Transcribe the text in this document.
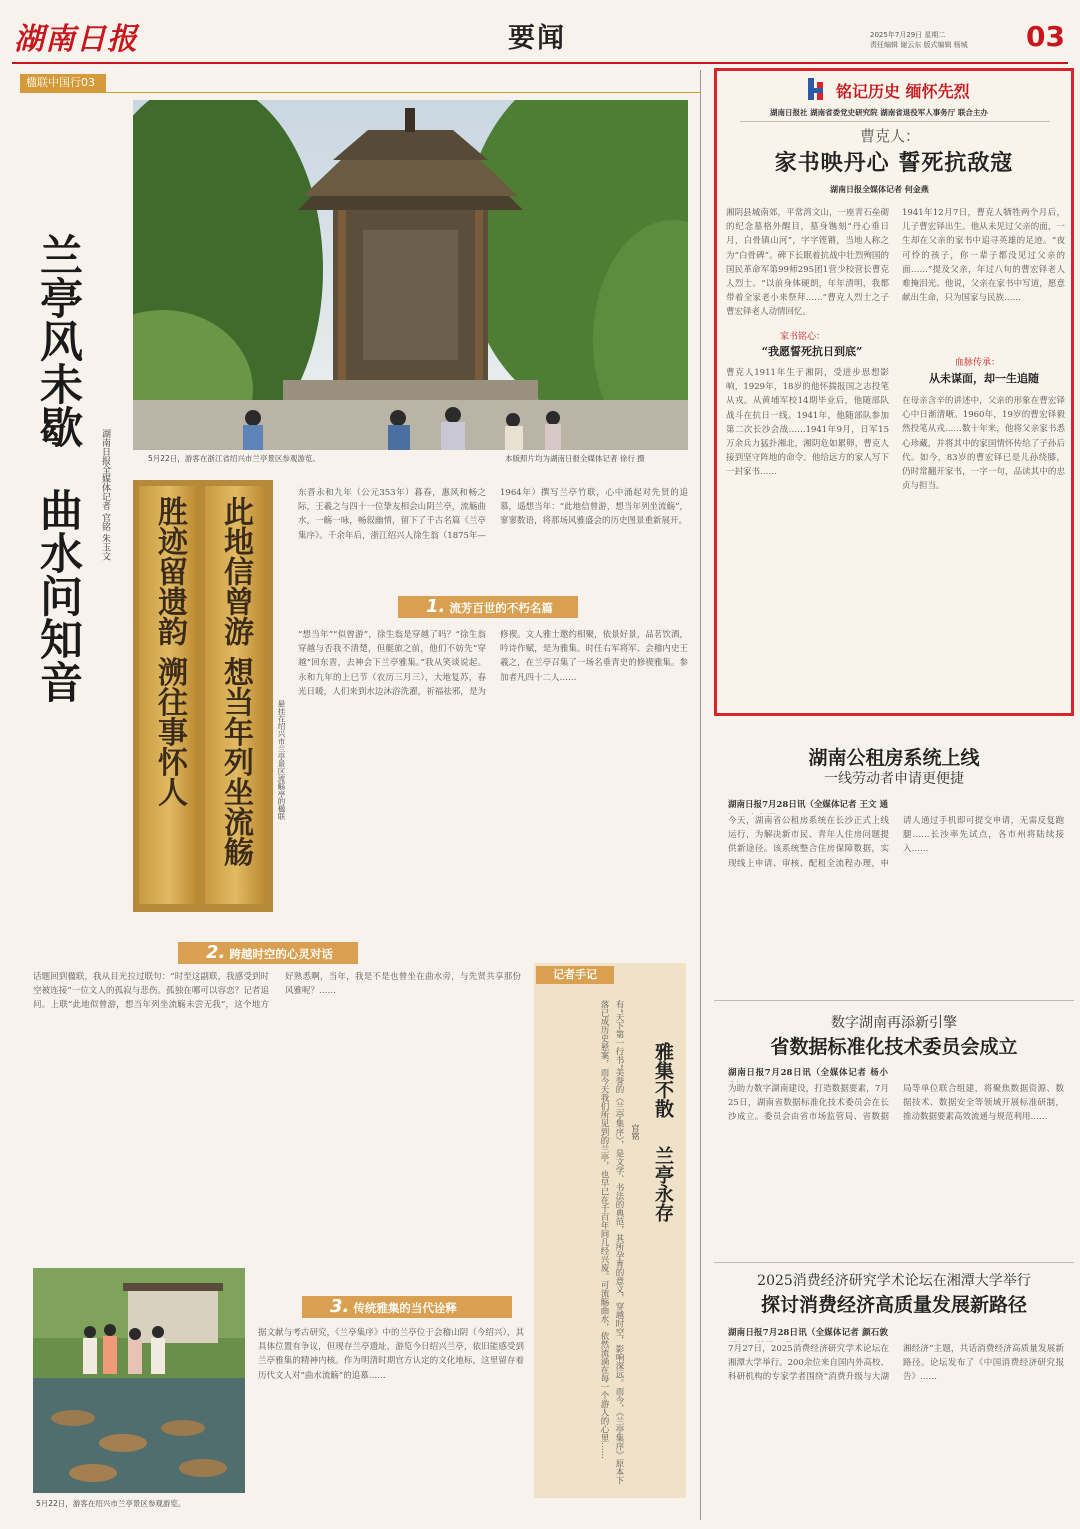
湖南日报	要闻	2025年7月29日 星期二
责任编辑 谢云东 版式编辑 杨城	03
楹联中国行03
兰亭风未歇
曲水问知音 湖南日报全媒体记者 官铭 朱玉文	5月22日，游客在浙江省绍兴市兰亭景区参观游览。	本版照片均为湖南日报全媒体记者 徐行 摄
胜迹留遗韵 溯往事怀人 此地信曾游 想当年列坐流觞	悬挂在绍兴市兰亭景区流觞亭的楹联
东晋永和九年（公元353年）暮春，惠风和畅之际，王羲之与四十一位挚友相会山阴兰亭，流觞曲水，一觞一咏，畅叙幽情，留下了千古名篇《兰亭集序》。千余年后，浙江绍兴人徐生翁（1875年—1964年）撰写兰亭竹联，心中涌起对先贤的追慕，遥想当年：“此地信曾游，想当年列坐流觞”，寥寥数语，将那场风雅盛会的历史图景重新展开。
1. 流芳百世的不朽名篇
“想当年”“似曾游”，徐生翁是穿越了吗？“徐生翁穿越与否我不清楚，但艇旅之前，他们不妨先“穿越”回东晋，去神会下兰亭雅集。”我从笑谈说起。永和九年的上巳节（农历三月三），大地复苏，春光日暖，人们来到水边沐浴洗濯，祈福祛邪，是为修禊。文人雅士邀约相聚，依景好景，品茗饮酒，吟诗作赋，是为雅集。时任右军将军、会稽内史王羲之，在兰亭召集了一场名垂青史的修禊雅集。参加者凡四十二人……
2. 跨越时空的心灵对话
话题回到楹联，我从目光拉过联句：“时至这副联，我感受到时空被连接”一位文人的孤寂与悲伤。孤独在哪可以容恋？记者追问。上联“此地似曾游，想当年列坐流觞未尝无我”，这个地方好熟悉啊，当年，我是不是也曾坐在曲水旁，与先贤共享那份风雅呢？……
5月22日，游客在绍兴市兰亭景区参观游览。
3. 传统雅集的当代诠释
据文献与考古研究，《兰亭集序》中的兰亭位于会稽山阴（今绍兴），其具体位置有争议，但现存兰亭遗址，游览今日绍兴兰亭，依旧能感受到兰亭雅集的精神内核。作为明清时期官方认定的文化地标，这里留存着历代文人对“曲水流觞”的追慕……
记者手记
雅集不散
兰亭永存
官铭
有“天下第一行书”美誉的《兰亭集序》，是文学、书法的典范，其所孕育的意义，穿越时空，影响深远。而今，《兰亭集序》原本下落已成历史悬案，而今天我们所见到的兰亭，也早已在千百年间几经兴废。可流觞曲水，依然流淌在每一个游人的心里……
铭记历史 缅怀先烈
湖南日报社 湖南省委党史研究院 湖南省退役军人事务厅 联合主办
曹克人：
家书映丹心 誓死抗敌寇
湖南日报全媒体记者 何金燕
湘阴县城南郊，平常湾文山，一座青石垒砌的纪念墓格外醒目，墓身镌刻“丹心垂日月，白骨镇山河”，字字铿锵，当地人称之为“白骨碑”。碑下长眠着抗战中壮烈殉国的国民革命军第99师295团1营少校营长曹克人烈士。“以前身体硬朗，年年清明，我都带着全家老小来祭拜……”曹克人烈士之子曹宏铎老人动情回忆。
家书铭心：
“我愿誓死抗日到底”
曹克人1911年生于湘阴，受进步思想影响，1929年，18岁的他怀揣报国之志投笔从戎。从黄埔军校14期毕业后，他随部队战斗在抗日一线。1941年，他随部队参加第二次长沙会战……1941年9月，日军15万余兵力猛扑湘北，湘阴危如累卵，曹克人接到坚守阵地的命令。他给远方的家人写下一封家书……
1941年12月7日，曹克人牺牲两个月后，儿子曹宏铎出生。他从未见过父亲的面，一生却在父亲的家书中追寻英雄的足迹。“夜可怜的孩子，你一辈子都没见过父亲的面……”提及父亲，年过八旬的曹宏铎老人难掩泪光。他说，父亲在家书中写道，愿意献出生命，只为国家与民族……
血脉传承：
从未谋面，却一生追随
在母亲含辛的讲述中，父亲的形象在曹宏铎心中日渐清晰。1960年，19岁的曹宏铎毅然投笔从戎……数十年来，他将父亲家书悉心珍藏，并将其中的家国情怀传给了子孙后代。如今，83岁的曹宏铎已是儿孙绕膝，仍时常翻开家书，一字一句，品读其中的忠贞与担当。
湖南公租房系统上线
一线劳动者申请更便捷
湖南日报7月28日讯（全媒体记者 王文 通
今天，湖南省公租房系统在长沙正式上线运行，为解决新市民、青年人住房问题提供新途径。该系统整合住房保障数据，实现线上申请、审核、配租全流程办理，申请人通过手机即可提交申请，无需反复跑腿……长沙率先试点，各市州将陆续接入……
数字湖南再添新引擎
省数据标准化技术委员会成立
湖南日报7月28日讯（全媒体记者 杨小
为助力数字湖南建设，打造数据要素，7月25日，湖南省数据标准化技术委员会在长沙成立。委员会由省市场监管局、省数据局等单位联合组建，将聚焦数据资源、数据技术、数据安全等领域开展标准研制，推动数据要素高效流通与规范利用……
2025消费经济研究学术论坛在湘潭大学举行
探讨消费经济高质量发展新路径
湖南日报7月28日讯（全媒体记者 颜石敦
7月27日，2025消费经济研究学术论坛在湘潭大学举行。200余位来自国内外高校、科研机构的专家学者围绕“消费升级与大湖湘经济”主题，共话消费经济高质量发展新路径。论坛发布了《中国消费经济研究报告》……
